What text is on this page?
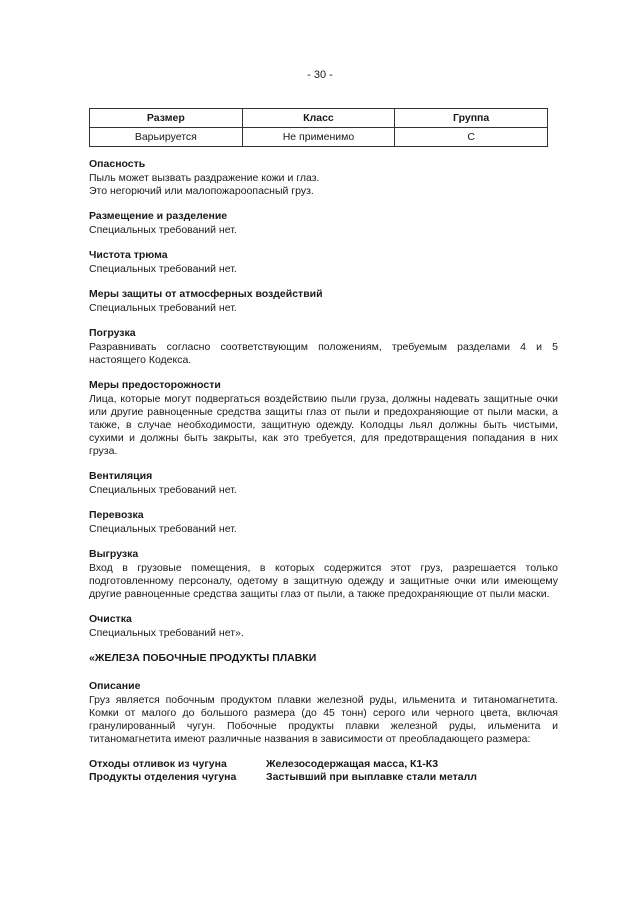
- 30 -
Размер	Класс	Группа
Варьируется	Не применимо	С
Опасность
Пыль может вызвать раздражение кожи и глаз.
Это негорючий или малопожароопасный груз.
Размещение и разделение
Специальных требований нет.
Чистота трюма
Специальных требований нет.
Меры защиты от атмосферных воздействий
Специальных требований нет.
Погрузка
Разравнивать согласно соответствующим положениям, требуемым разделами 4 и 5 настоящего Кодекса.
Меры предосторожности
Лица, которые могут подвергаться воздействию пыли груза, должны надевать защитные очки или другие равноценные средства защиты глаз от пыли и предохраняющие от пыли маски, а также, в случае необходимости, защитную одежду. Колодцы льял должны быть чистыми, сухими и должны быть закрыты, как это требуется, для предотвращения попадания в них груза.
Вентиляция
Специальных требований нет.
Перевозка
Специальных требований нет.
Выгрузка
Вход в грузовые помещения, в которых содержится этот груз, разрешается только подготовленному персоналу, одетому в защитную одежду и защитные очки или имеющему другие равноценные средства защиты глаз от пыли, а также предохраняющие от пыли маски.
Очистка
Специальных требований нет».
«ЖЕЛЕЗА ПОБОЧНЫЕ ПРОДУКТЫ ПЛАВКИ
Описание
Груз является побочным продуктом плавки железной руды, ильменита и титаномагнетита. Комки от малого до большого размера (до 45 тонн) серого или черного цвета, включая гранулированный чугун. Побочные продукты плавки железной руды, ильменита и титаномагнетита имеют различные названия в зависимости от преобладающего размера:
Отходы отливок из чугуна	Железосодержащая масса, К1-К3
Продукты отделения чугуна	Застывший при выплавке стали металл
